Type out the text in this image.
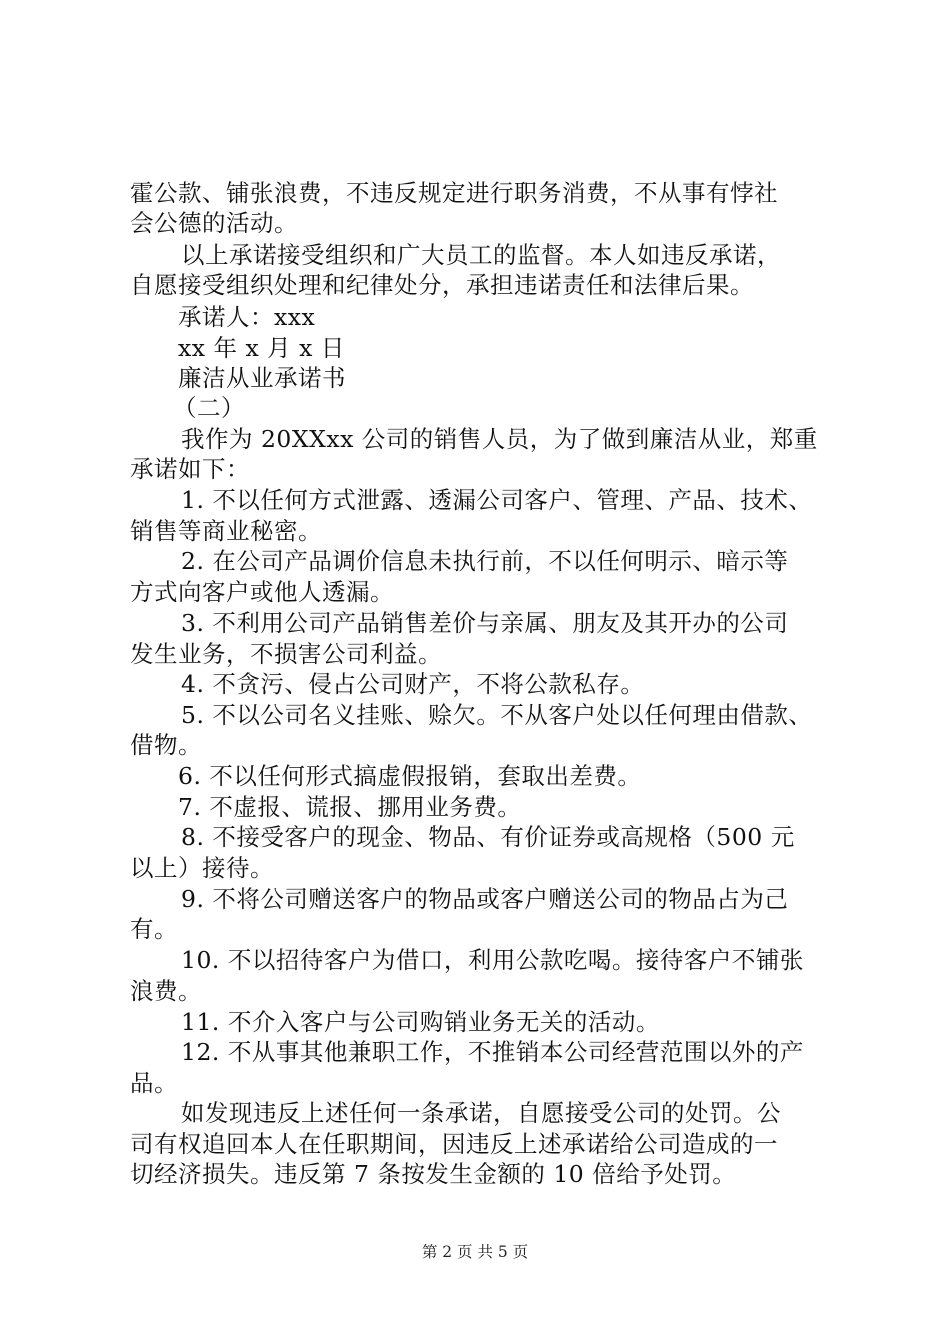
霍公款、铺张浪费，不违反规定进行职务消费，不从事有悖社
会公德的活动。
以上承诺接受组织和广大员工的监督。本人如违反承诺，
自愿接受组织处理和纪律处分，承担违诺责任和法律后果。
承诺人：xxx
xx 年 x 月 x 日
廉洁从业承诺书
（二）
我作为 20XXxx 公司的销售人员，为了做到廉洁从业，郑重
承诺如下：
1. 不以任何方式泄露、透漏公司客户、管理、产品、技术、
销售等商业秘密。
2. 在公司产品调价信息未执行前，不以任何明示、暗示等
方式向客户或他人透漏。
3. 不利用公司产品销售差价与亲属、朋友及其开办的公司
发生业务，不损害公司利益。
4. 不贪污、侵占公司财产，不将公款私存。
5. 不以公司名义挂账、赊欠。不从客户处以任何理由借款、
借物。
6. 不以任何形式搞虚假报销，套取出差费。
7. 不虚报、谎报、挪用业务费。
8. 不接受客户的现金、物品、有价证券或高规格（500 元
以上）接待。
9. 不将公司赠送客户的物品或客户赠送公司的物品占为己
有。
10. 不以招待客户为借口，利用公款吃喝。接待客户不铺张
浪费。
11. 不介入客户与公司购销业务无关的活动。
12. 不从事其他兼职工作，不推销本公司经营范围以外的产
品。
如发现违反上述任何一条承诺，自愿接受公司的处罚。公
司有权追回本人在任职期间，因违反上述承诺给公司造成的一
切经济损失。违反第 7 条按发生金额的 10 倍给予处罚。
第 2 页 共 5 页
